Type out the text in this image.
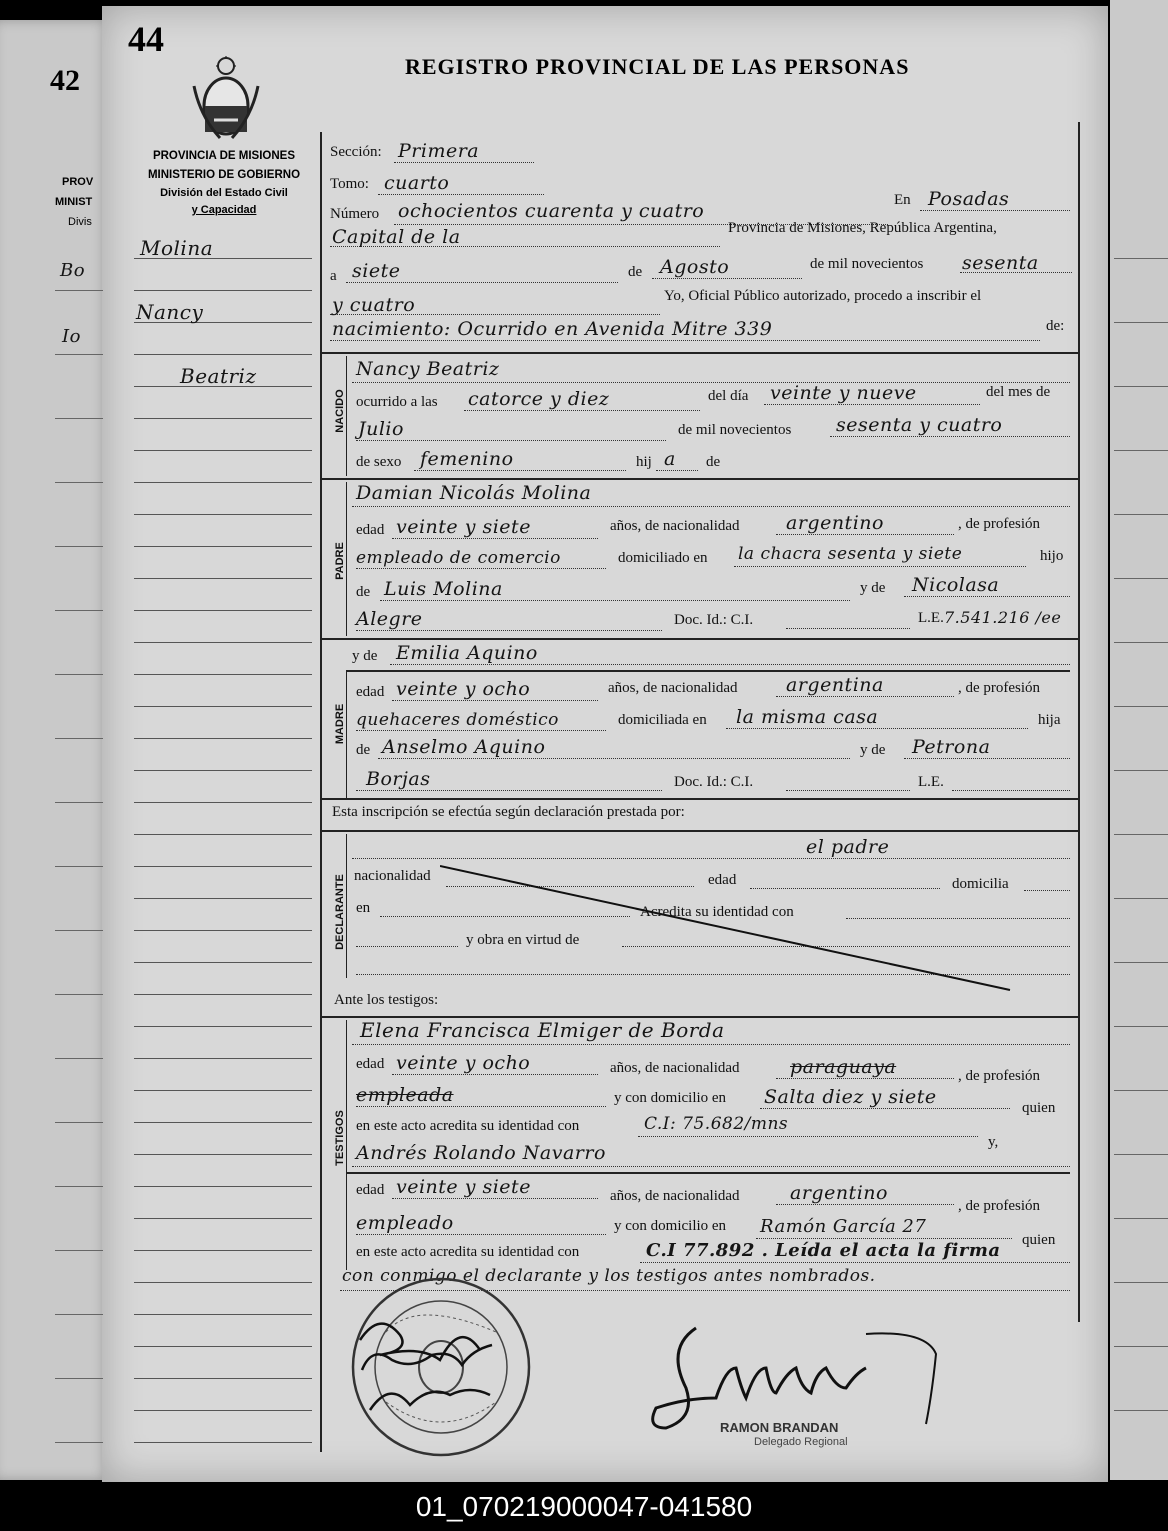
42
PROV
MINIST
Divis
Bo
Io
44
REGISTRO PROVINCIAL DE LAS PERSONAS
PROVINCIA DE MISIONES
MINISTERIO DE GOBIERNO
División del Estado Civil
y Capacidad
Molina
Nancy
Beatriz
Sección: Primera
Tomo: cuarto
Número ochocientos cuarenta y cuatro	En Posadas
Capital de la	Provincia de Misiones, República Argentina,
a siete	de Agosto	de mil novecientos sesenta
y cuatro	Yo, Oficial Público autorizado, procedo a inscribir el
nacimiento: Ocurrido en Avenida Mitre 339	de:
NACIDO
Nancy Beatriz
ocurrido a las catorce y diez	del día veinte y nueve	del mes de
Julio	de mil novecientos sesenta y cuatro
de sexo femenino	hij a de
PADRE
Damian Nicolás Molina
edad veinte y siete	años, de nacionalidad argentino	, de profesión
empleado de comercio	domiciliado en la chacra sesenta y siete	hijo
de Luis Molina	y de Nicolasa
Alegre	Doc. Id.: C.I.	L.E. 7.541.216 /ee
y de Emilia Aquino
MADRE
edad veinte y ocho	años, de nacionalidad	argentina	, de profesión
quehaceres doméstico	domiciliada en la misma casa	hija
de Anselmo Aquino	y de Petrona
Borjas	Doc. Id.: C.I.	L.E.
Esta inscripción se efectúa según declaración prestada por:
DECLARANTE
el padre
nacionalidad	edad	domicilia
en	Acredita su identidad con
y obra en virtud de
Ante los testigos:
TESTIGOS
Elena Francisca Elmiger de Borda
edad veinte y ocho	años, de nacionalidad	paraguaya	, de profesión
empleada	y con domicilio en Salta diez y siete	quien
en este acto acredita su identidad con	C.I: 75.682/mns
y,
Andrés Rolando Navarro
edad veinte y siete	años, de nacionalidad	argentino
, de profesión
empleado	y con domicilio en Ramón García 27
quien
en este acto acredita su identidad con	C.I 77.892 . Leída el acta la firma
con conmigo el declarante y los testigos antes nombrados.
RAMON BRANDAN
Delegado Regional
01_070219000047-041580
